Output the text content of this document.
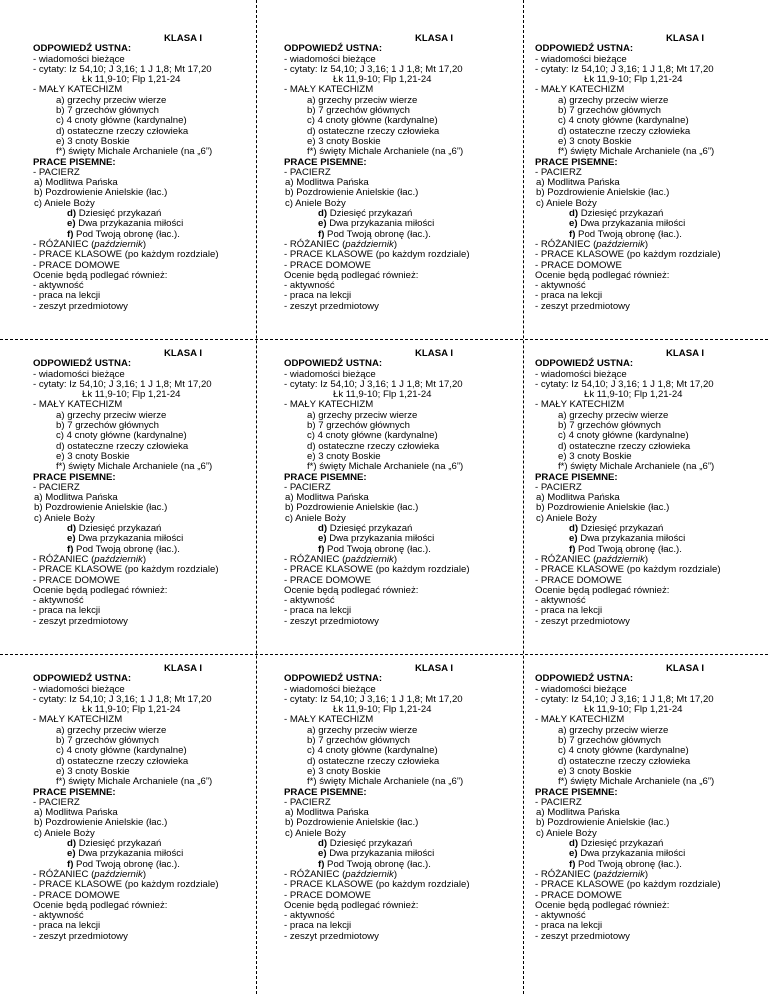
KLASA I
ODPOWIEDŹ USTNA:
- wiadomości bieżące
- cytaty: Iz 54,10; J 3,16; 1 J 1,8; Mt 17,20
Łk 11,9-10; Flp 1,21-24
- MAŁY KATECHIZM
a) grzechy przeciw wierze
b) 7 grzechów głównych
c) 4 cnoty główne (kardynalne)
d) ostateczne rzeczy człowieka
e) 3 cnoty Boskie
f*) święty Michale Archaniele (na „6”)
PRACE PISEMNE:
- PACIERZ
a) Modlitwa Pańska
b) Pozdrowienie Anielskie (łac.)
c) Aniele Boży
d) Dziesięć przykazań
e) Dwa przykazania miłości
f) Pod Twoją obronę (łac.).
- RÓŻANIEC (październik)
- PRACE KLASOWE (po każdym rozdziale)
- PRACE DOMOWE
Ocenie będą podlegać również:
- aktywność
- praca na lekcji
- zeszyt przedmiotowy
KLASA I
ODPOWIEDŹ USTNA:
- wiadomości bieżące
- cytaty: Iz 54,10; J 3,16; 1 J 1,8; Mt 17,20
Łk 11,9-10; Flp 1,21-24
- MAŁY KATECHIZM
a) grzechy przeciw wierze
b) 7 grzechów głównych
c) 4 cnoty główne (kardynalne)
d) ostateczne rzeczy człowieka
e) 3 cnoty Boskie
f*) święty Michale Archaniele (na „6”)
PRACE PISEMNE:
- PACIERZ
a) Modlitwa Pańska
b) Pozdrowienie Anielskie (łac.)
c) Aniele Boży
d) Dziesięć przykazań
e) Dwa przykazania miłości
f) Pod Twoją obronę (łac.).
- RÓŻANIEC (październik)
- PRACE KLASOWE (po każdym rozdziale)
- PRACE DOMOWE
Ocenie będą podlegać również:
- aktywność
- praca na lekcji
- zeszyt przedmiotowy
KLASA I
ODPOWIEDŹ USTNA:
- wiadomości bieżące
- cytaty: Iz 54,10; J 3,16; 1 J 1,8; Mt 17,20
Łk 11,9-10; Flp 1,21-24
- MAŁY KATECHIZM
a) grzechy przeciw wierze
b) 7 grzechów głównych
c) 4 cnoty główne (kardynalne)
d) ostateczne rzeczy człowieka
e) 3 cnoty Boskie
f*) święty Michale Archaniele (na „6”)
PRACE PISEMNE:
- PACIERZ
a) Modlitwa Pańska
b) Pozdrowienie Anielskie (łac.)
c) Aniele Boży
d) Dziesięć przykazań
e) Dwa przykazania miłości
f) Pod Twoją obronę (łac.).
- RÓŻANIEC (październik)
- PRACE KLASOWE (po każdym rozdziale)
- PRACE DOMOWE
Ocenie będą podlegać również:
- aktywność
- praca na lekcji
- zeszyt przedmiotowy
KLASA I
ODPOWIEDŹ USTNA:
- wiadomości bieżące
- cytaty: Iz 54,10; J 3,16; 1 J 1,8; Mt 17,20
Łk 11,9-10; Flp 1,21-24
- MAŁY KATECHIZM
a) grzechy przeciw wierze
b) 7 grzechów głównych
c) 4 cnoty główne (kardynalne)
d) ostateczne rzeczy człowieka
e) 3 cnoty Boskie
f*) święty Michale Archaniele (na „6”)
PRACE PISEMNE:
- PACIERZ
a) Modlitwa Pańska
b) Pozdrowienie Anielskie (łac.)
c) Aniele Boży
d) Dziesięć przykazań
e) Dwa przykazania miłości
f) Pod Twoją obronę (łac.).
- RÓŻANIEC (październik)
- PRACE KLASOWE (po każdym rozdziale)
- PRACE DOMOWE
Ocenie będą podlegać również:
- aktywność
- praca na lekcji
- zeszyt przedmiotowy
KLASA I
ODPOWIEDŹ USTNA:
- wiadomości bieżące
- cytaty: Iz 54,10; J 3,16; 1 J 1,8; Mt 17,20
Łk 11,9-10; Flp 1,21-24
- MAŁY KATECHIZM
a) grzechy przeciw wierze
b) 7 grzechów głównych
c) 4 cnoty główne (kardynalne)
d) ostateczne rzeczy człowieka
e) 3 cnoty Boskie
f*) święty Michale Archaniele (na „6”)
PRACE PISEMNE:
- PACIERZ
a) Modlitwa Pańska
b) Pozdrowienie Anielskie (łac.)
c) Aniele Boży
d) Dziesięć przykazań
e) Dwa przykazania miłości
f) Pod Twoją obronę (łac.).
- RÓŻANIEC (październik)
- PRACE KLASOWE (po każdym rozdziale)
- PRACE DOMOWE
Ocenie będą podlegać również:
- aktywność
- praca na lekcji
- zeszyt przedmiotowy
KLASA I
ODPOWIEDŹ USTNA:
- wiadomości bieżące
- cytaty: Iz 54,10; J 3,16; 1 J 1,8; Mt 17,20
Łk 11,9-10; Flp 1,21-24
- MAŁY KATECHIZM
a) grzechy przeciw wierze
b) 7 grzechów głównych
c) 4 cnoty główne (kardynalne)
d) ostateczne rzeczy człowieka
e) 3 cnoty Boskie
f*) święty Michale Archaniele (na „6”)
PRACE PISEMNE:
- PACIERZ
a) Modlitwa Pańska
b) Pozdrowienie Anielskie (łac.)
c) Aniele Boży
d) Dziesięć przykazań
e) Dwa przykazania miłości
f) Pod Twoją obronę (łac.).
- RÓŻANIEC (październik)
- PRACE KLASOWE (po każdym rozdziale)
- PRACE DOMOWE
Ocenie będą podlegać również:
- aktywność
- praca na lekcji
- zeszyt przedmiotowy
KLASA I
ODPOWIEDŹ USTNA:
- wiadomości bieżące
- cytaty: Iz 54,10; J 3,16; 1 J 1,8; Mt 17,20
Łk 11,9-10; Flp 1,21-24
- MAŁY KATECHIZM
a) grzechy przeciw wierze
b) 7 grzechów głównych
c) 4 cnoty główne (kardynalne)
d) ostateczne rzeczy człowieka
e) 3 cnoty Boskie
f*) święty Michale Archaniele (na „6”)
PRACE PISEMNE:
- PACIERZ
a) Modlitwa Pańska
b) Pozdrowienie Anielskie (łac.)
c) Aniele Boży
d) Dziesięć przykazań
e) Dwa przykazania miłości
f) Pod Twoją obronę (łac.).
- RÓŻANIEC (październik)
- PRACE KLASOWE (po każdym rozdziale)
- PRACE DOMOWE
Ocenie będą podlegać również:
- aktywność
- praca na lekcji
- zeszyt przedmiotowy
KLASA I
ODPOWIEDŹ USTNA:
- wiadomości bieżące
- cytaty: Iz 54,10; J 3,16; 1 J 1,8; Mt 17,20
Łk 11,9-10; Flp 1,21-24
- MAŁY KATECHIZM
a) grzechy przeciw wierze
b) 7 grzechów głównych
c) 4 cnoty główne (kardynalne)
d) ostateczne rzeczy człowieka
e) 3 cnoty Boskie
f*) święty Michale Archaniele (na „6”)
PRACE PISEMNE:
- PACIERZ
a) Modlitwa Pańska
b) Pozdrowienie Anielskie (łac.)
c) Aniele Boży
d) Dziesięć przykazań
e) Dwa przykazania miłości
f) Pod Twoją obronę (łac.).
- RÓŻANIEC (październik)
- PRACE KLASOWE (po każdym rozdziale)
- PRACE DOMOWE
Ocenie będą podlegać również:
- aktywność
- praca na lekcji
- zeszyt przedmiotowy
KLASA I
ODPOWIEDŹ USTNA:
- wiadomości bieżące
- cytaty: Iz 54,10; J 3,16; 1 J 1,8; Mt 17,20
Łk 11,9-10; Flp 1,21-24
- MAŁY KATECHIZM
a) grzechy przeciw wierze
b) 7 grzechów głównych
c) 4 cnoty główne (kardynalne)
d) ostateczne rzeczy człowieka
e) 3 cnoty Boskie
f*) święty Michale Archaniele (na „6”)
PRACE PISEMNE:
- PACIERZ
a) Modlitwa Pańska
b) Pozdrowienie Anielskie (łac.)
c) Aniele Boży
d) Dziesięć przykazań
e) Dwa przykazania miłości
f) Pod Twoją obronę (łac.).
- RÓŻANIEC (październik)
- PRACE KLASOWE (po każdym rozdziale)
- PRACE DOMOWE
Ocenie będą podlegać również:
- aktywność
- praca na lekcji
- zeszyt przedmiotowy
